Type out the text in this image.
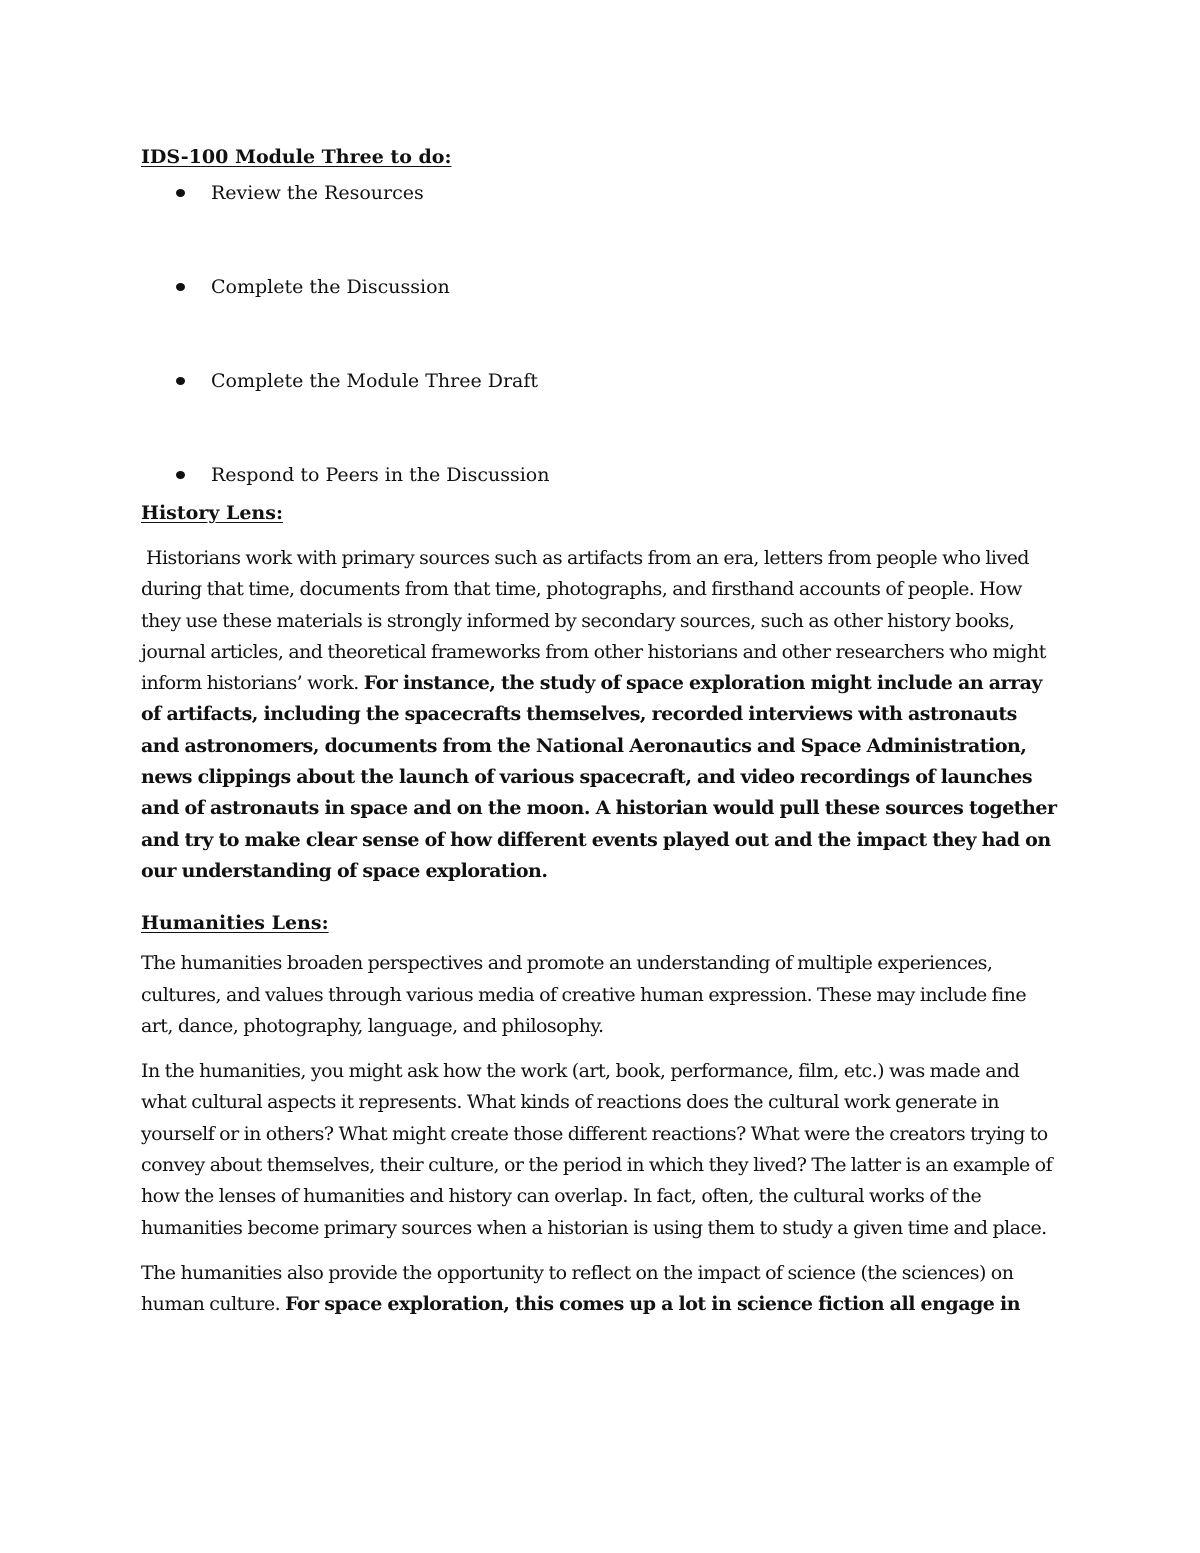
IDS-100 Module Three to do:
Review the Resources
Complete the Discussion
Complete the Module Three Draft
Respond to Peers in the Discussion
History Lens:

Historians work with primary sources such as artifacts from an era, letters from people who lived during that time, documents from that time, photographs, and firsthand accounts of people. How they use these materials is strongly informed by secondary sources, such as other history books, journal articles, and theoretical frameworks from other historians and other researchers who might inform historians’ work. For instance, the study of space exploration might include an array of artifacts, including the spacecrafts themselves, recorded interviews with astronauts and astronomers, documents from the National Aeronautics and Space Administration, news clippings about the launch of various spacecraft, and video recordings of launches and of astronauts in space and on the moon. A historian would pull these sources together and try to make clear sense of how different events played out and the impact they had on our understanding of space exploration.

Humanities Lens:

The humanities broaden perspectives and promote an understanding of multiple experiences, cultures, and values through various media of creative human expression. These may include fine art, dance, photography, language, and philosophy.

In the humanities, you might ask how the work (art, book, performance, film, etc.) was made and what cultural aspects it represents. What kinds of reactions does the cultural work generate in yourself or in others? What might create those different reactions? What were the creators trying to convey about themselves, their culture, or the period in which they lived? The latter is an example of how the lenses of humanities and history can overlap. In fact, often, the cultural works of the humanities become primary sources when a historian is using them to study a given time and place.

The humanities also provide the opportunity to reflect on the impact of science (the sciences) on human culture. For space exploration, this comes up a lot in science fiction all engage in
